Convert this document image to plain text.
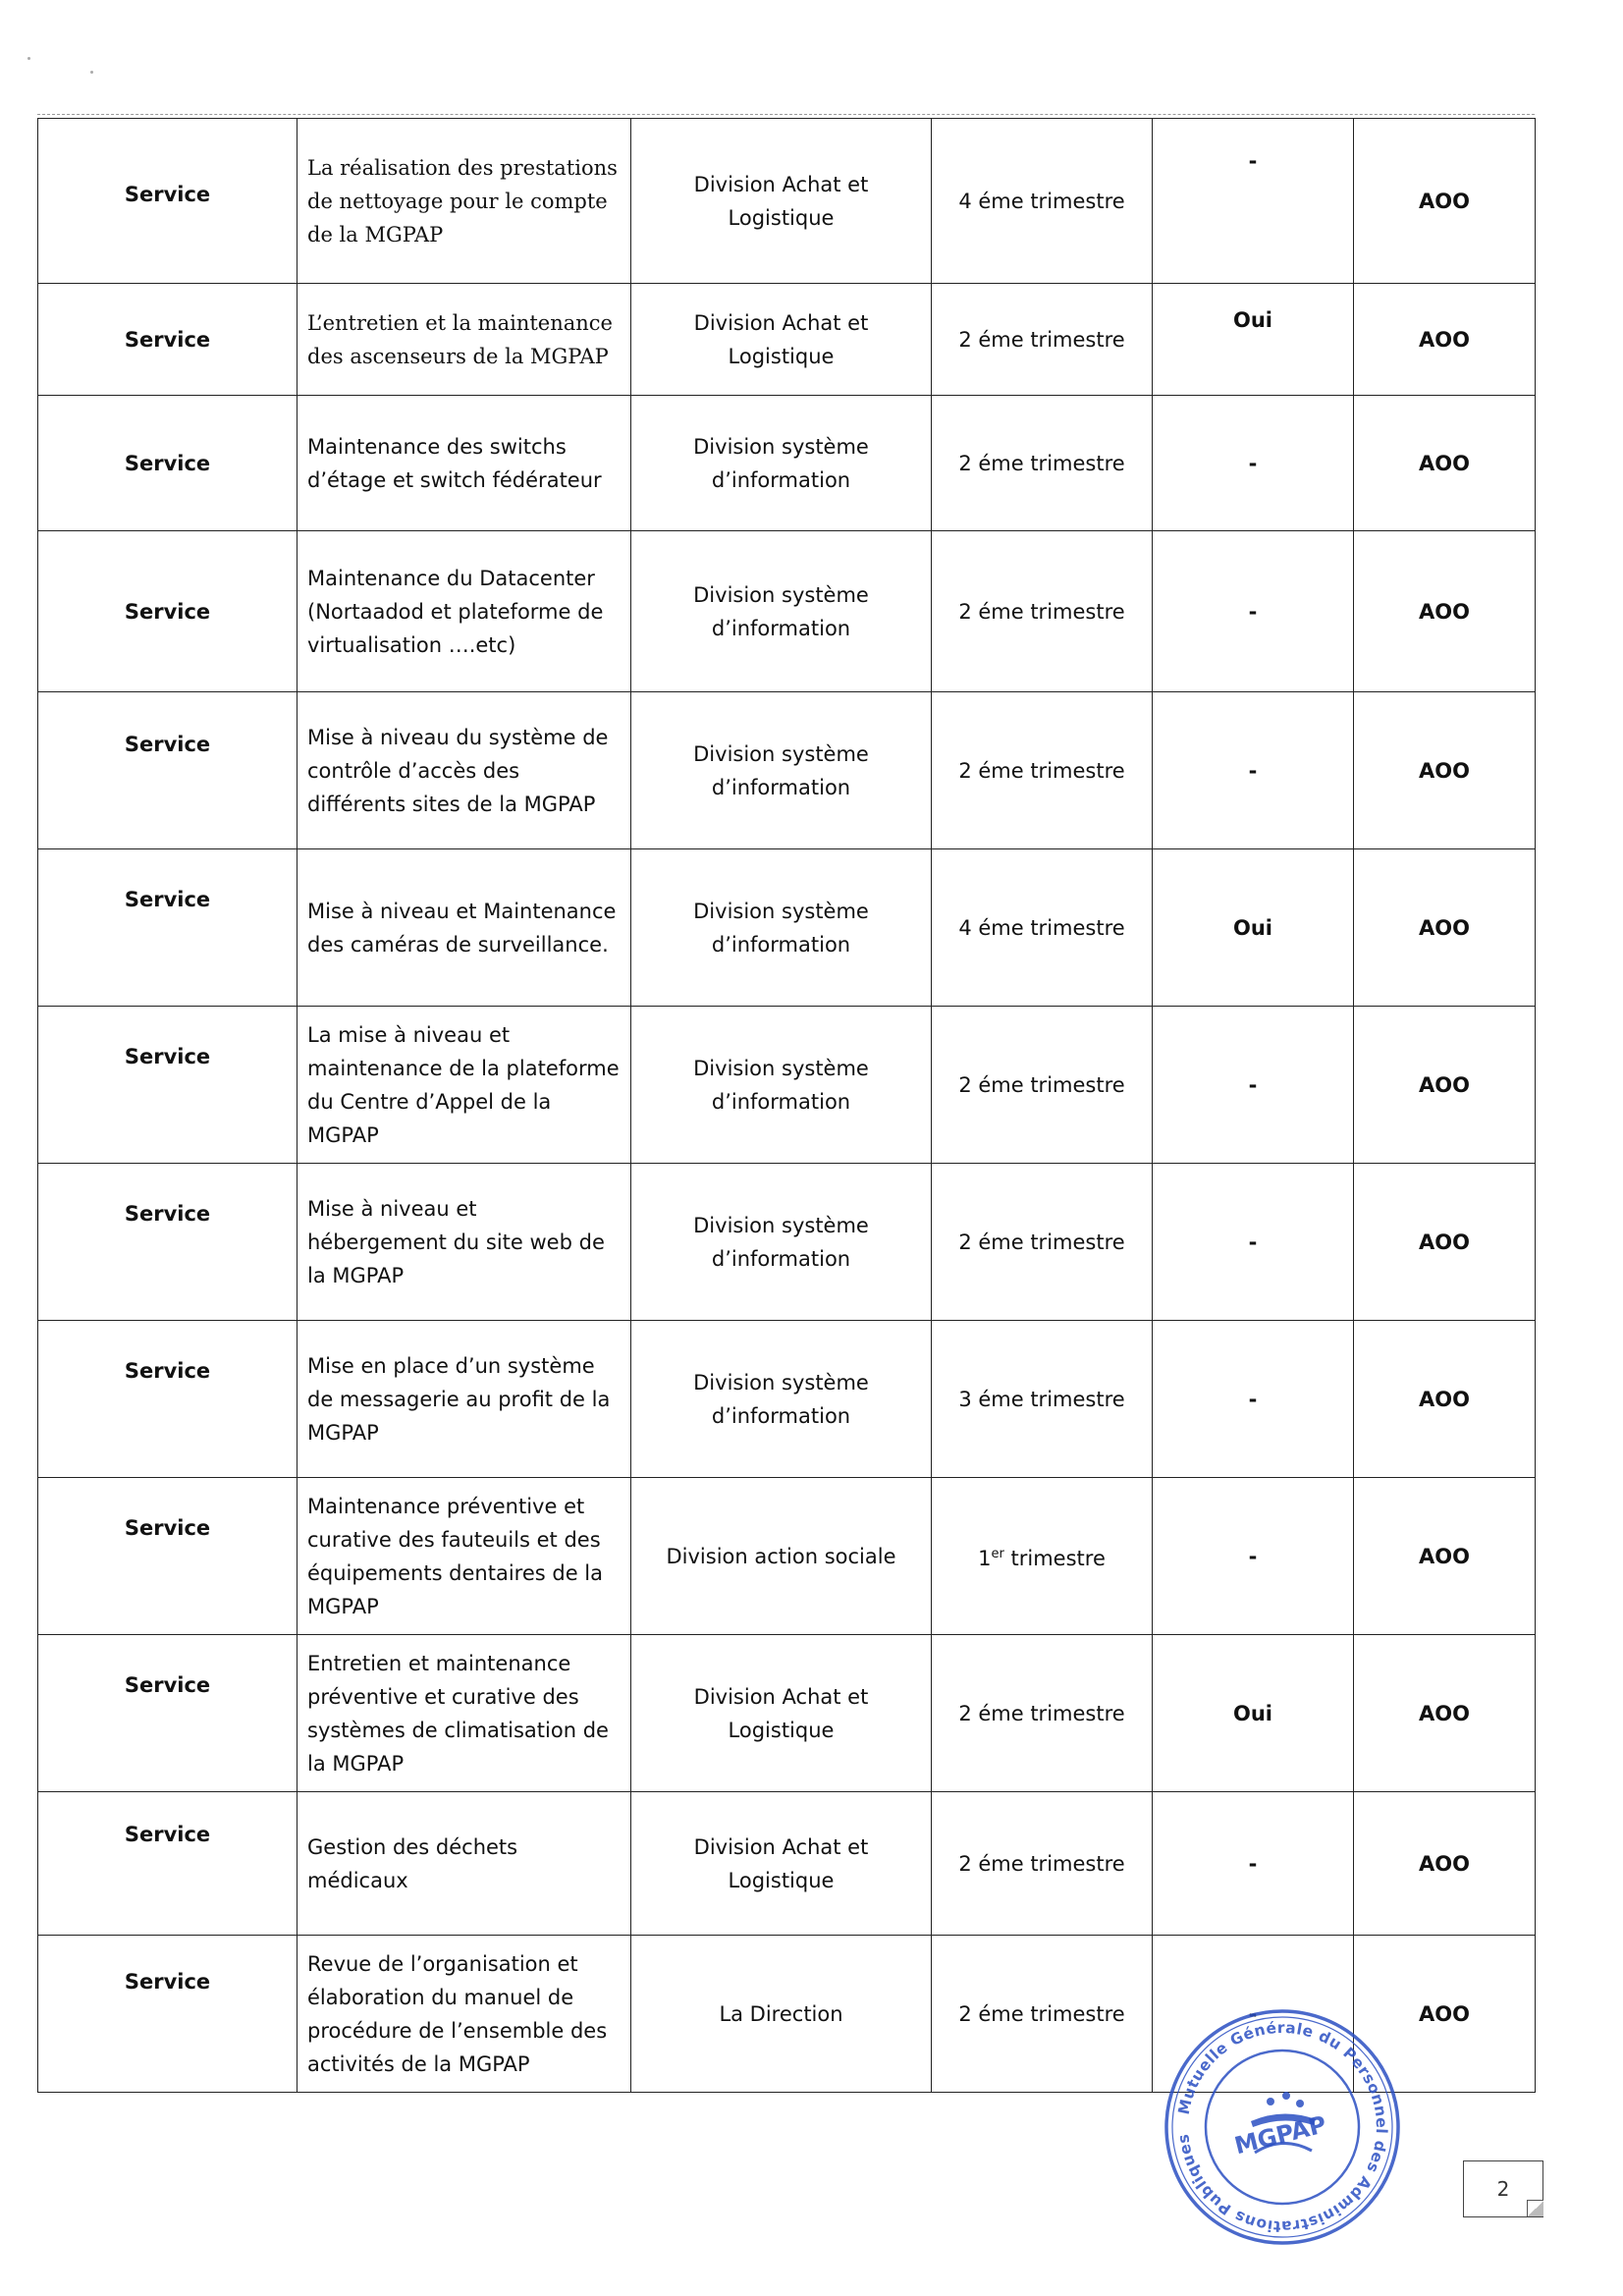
Service	La réalisation des prestations de nettoyage pour le compte de la MGPAP	Division Achat et Logistique	4 éme trimestre	-	AOO
Service	L’entretien et la maintenance des ascenseurs de la MGPAP	Division Achat et Logistique	2 éme trimestre	Oui	AOO
Service	Maintenance des switchs d’étage et switch fédérateur	Division système d’information	2 éme trimestre	-	AOO
Service	Maintenance du Datacenter (Nortaadod et plateforme de virtualisation ….etc)	Division système d’information	2 éme trimestre	-	AOO
Service	Mise à niveau du système de contrôle d’accès des différents sites de la MGPAP	Division système d’information	2 éme trimestre	-	AOO
Service	Mise à niveau et Maintenance des caméras de surveillance.	Division système d’information	4 éme trimestre	Oui	AOO
Service	La mise à niveau et maintenance de la plateforme du Centre d’Appel de la MGPAP	Division système d’information	2 éme trimestre	-	AOO
Service	Mise à niveau et hébergement du site web de la MGPAP	Division système d’information	2 éme trimestre	-	AOO
Service	Mise en place d’un système de messagerie au profit de la MGPAP	Division système d’information	3 éme trimestre	-	AOO
Service	Maintenance préventive et curative des fauteuils et des équipements dentaires de la MGPAP	Division action sociale	1er trimestre	-	AOO
Service	Entretien et maintenance préventive et curative des systèmes de climatisation de la MGPAP	Division Achat et Logistique	2 éme trimestre	Oui	AOO
Service	Gestion des déchets médicaux	Division Achat et Logistique	2 éme trimestre	-	AOO
Service	Revue de l’organisation et élaboration du manuel de procédure de l’ensemble des activités de la MGPAP	La Direction	2 éme trimestre	-	AOO
Mutuelle Générale du Personnel des Administrations Publiques	MGPAP
2
